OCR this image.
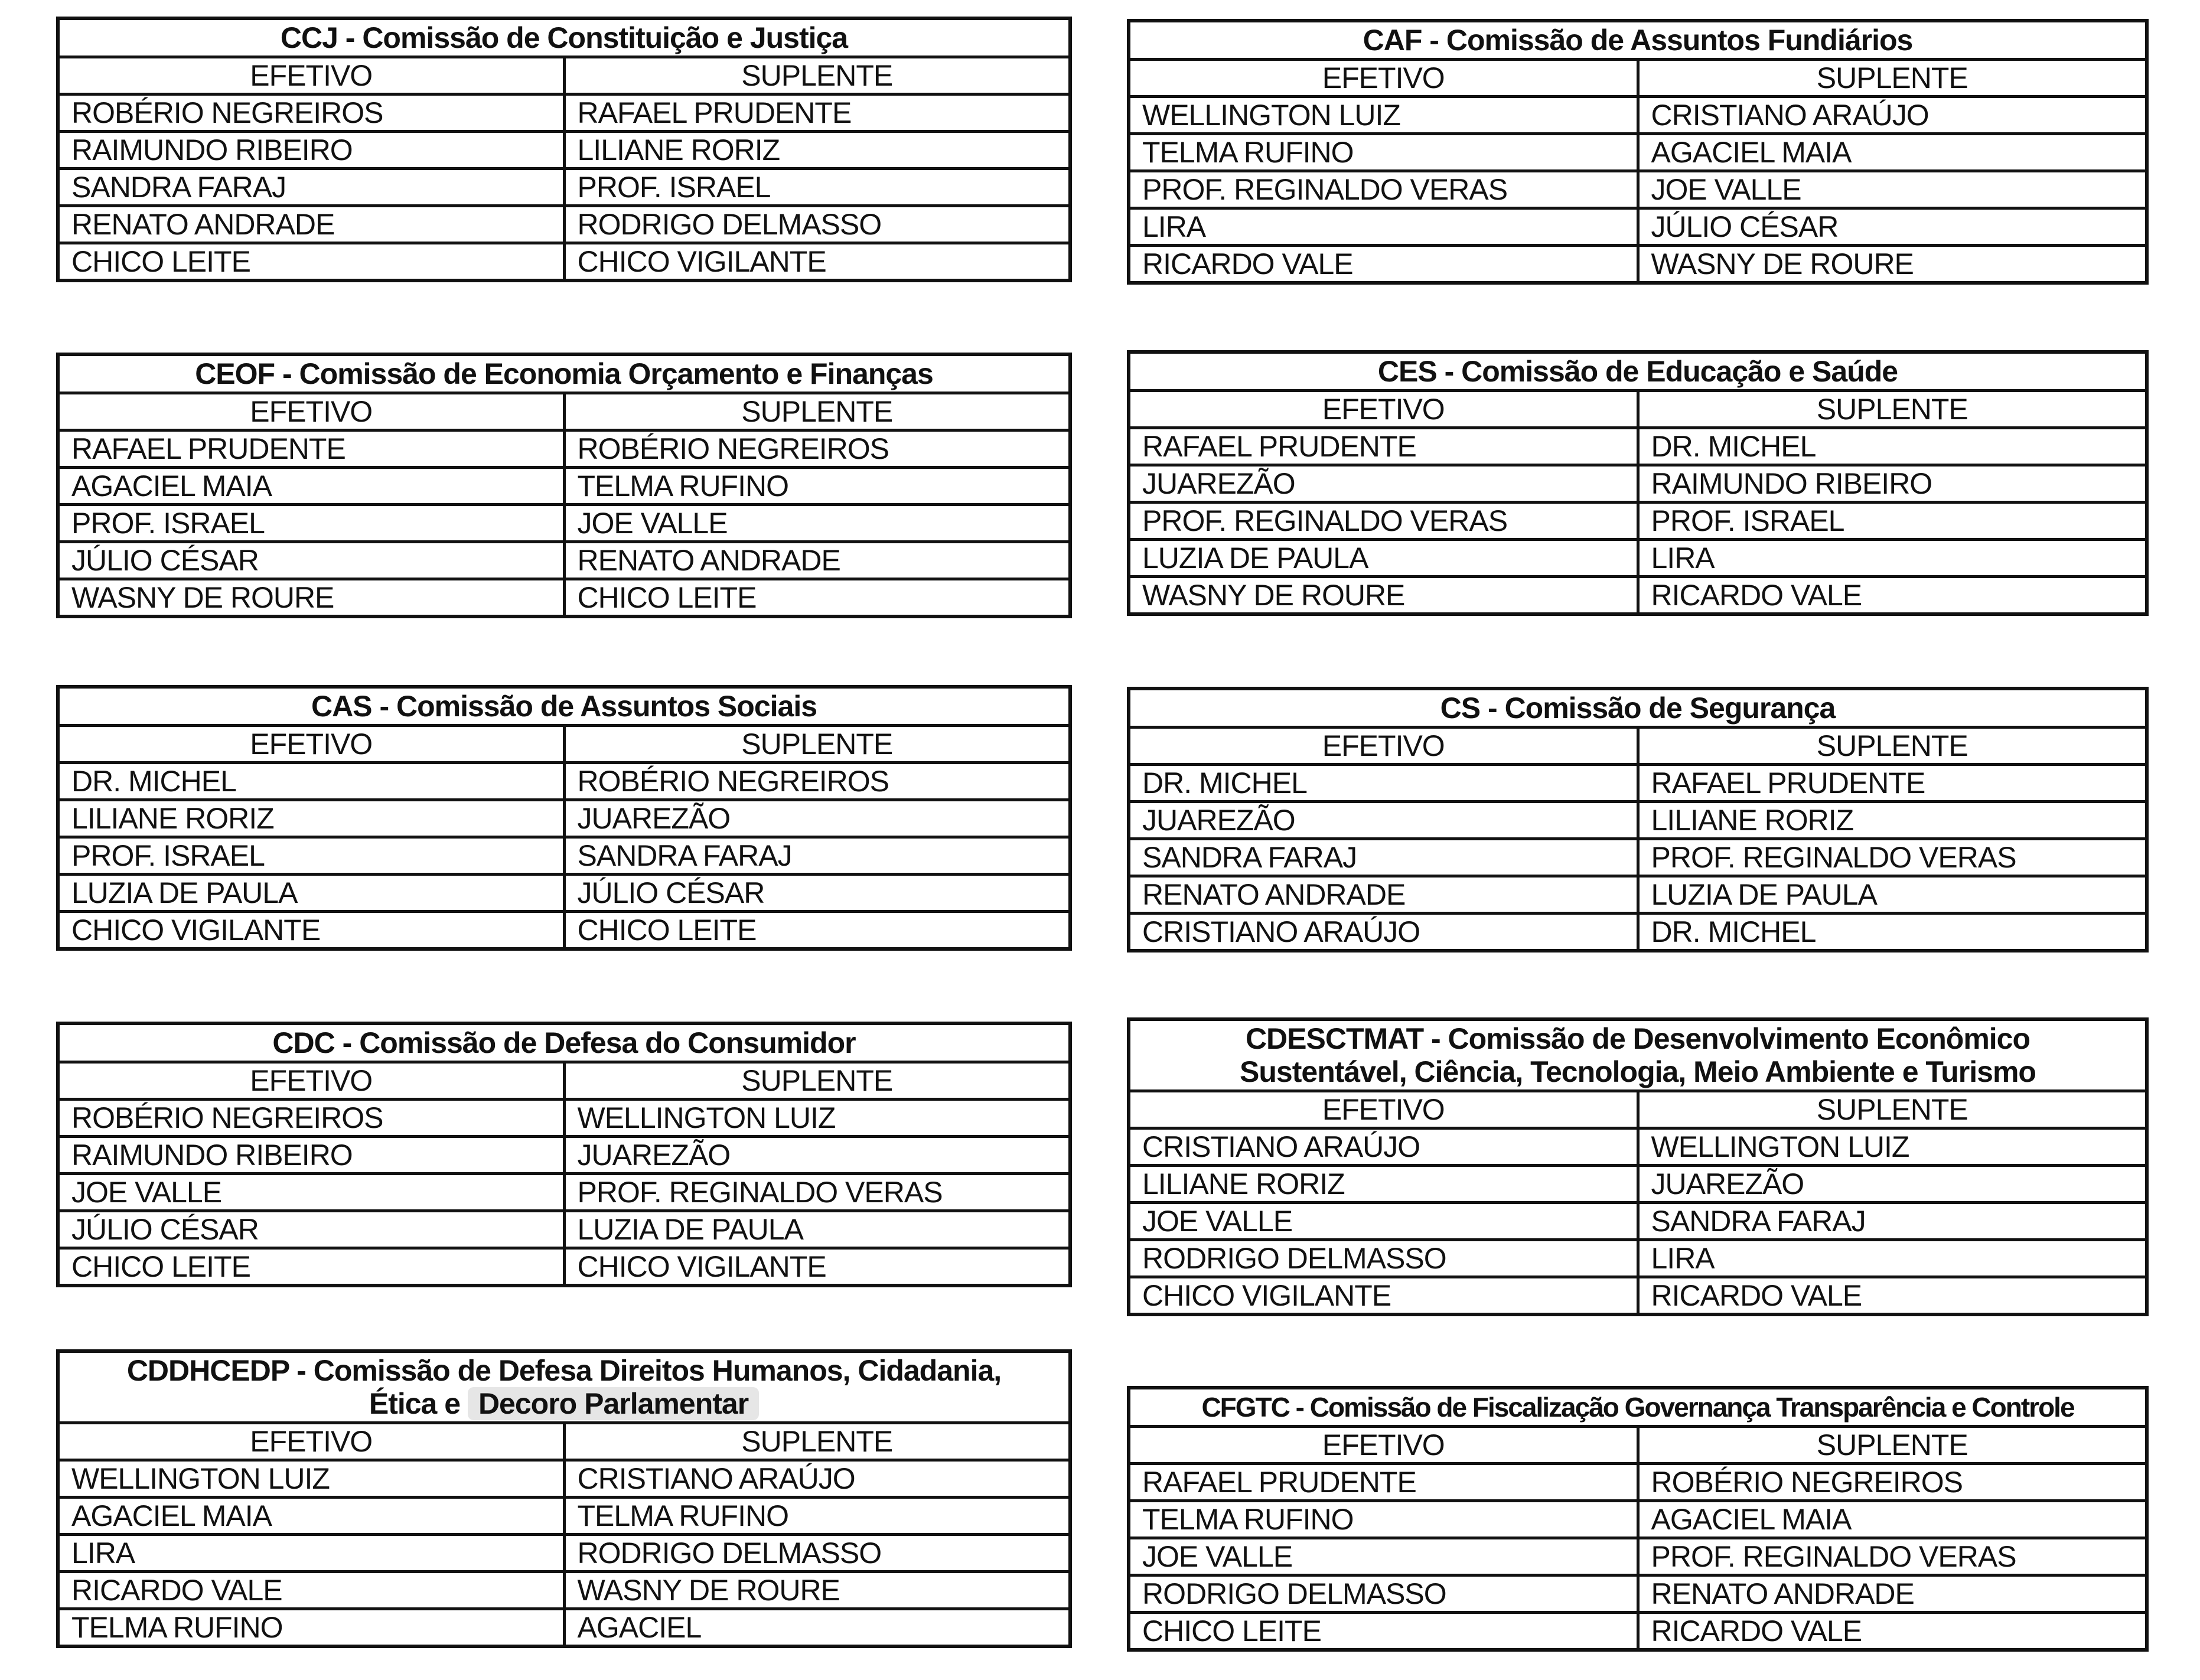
CCJ - Comissão de Constituição e Justiça	
EFETIVO	SUPLENTE
ROBÉRIO NEGREIROS	RAFAEL PRUDENTE
RAIMUNDO RIBEIRO	LILIANE RORIZ
SANDRA FARAJ	PROF. ISRAEL
RENATO ANDRADE	RODRIGO DELMASSO
CHICO LEITE	CHICO VIGILANTE
CAF - Comissão de Assuntos Fundiários	
EFETIVO	SUPLENTE
WELLINGTON LUIZ	CRISTIANO ARAÚJO
TELMA RUFINO	AGACIEL MAIA
PROF. REGINALDO VERAS	JOE VALLE
LIRA	JÚLIO CÉSAR
RICARDO VALE	WASNY DE ROURE
CEOF - Comissão de Economia Orçamento e Finanças	
EFETIVO	SUPLENTE
RAFAEL PRUDENTE	ROBÉRIO NEGREIROS
AGACIEL MAIA	TELMA RUFINO
PROF. ISRAEL	JOE VALLE
JÚLIO CÉSAR	RENATO ANDRADE
WASNY DE ROURE	CHICO LEITE
CES - Comissão de Educação e Saúde	
EFETIVO	SUPLENTE
RAFAEL PRUDENTE	DR. MICHEL
JUAREZÃO	RAIMUNDO RIBEIRO
PROF. REGINALDO VERAS	PROF. ISRAEL
LUZIA DE PAULA	LIRA
WASNY DE ROURE	RICARDO VALE
CAS - Comissão de Assuntos Sociais	
EFETIVO	SUPLENTE
DR. MICHEL	ROBÉRIO NEGREIROS
LILIANE RORIZ	JUAREZÃO
PROF. ISRAEL	SANDRA FARAJ
LUZIA DE PAULA	JÚLIO CÉSAR
CHICO VIGILANTE	CHICO LEITE
CS - Comissão de Segurança	
EFETIVO	SUPLENTE
DR. MICHEL	RAFAEL PRUDENTE
JUAREZÃO	LILIANE RORIZ
SANDRA FARAJ	PROF. REGINALDO VERAS
RENATO ANDRADE	LUZIA DE PAULA
CRISTIANO ARAÚJO	DR. MICHEL
CDC - Comissão de Defesa do Consumidor	
EFETIVO	SUPLENTE
ROBÉRIO NEGREIROS	WELLINGTON LUIZ
RAIMUNDO RIBEIRO	JUAREZÃO
JOE VALLE	PROF. REGINALDO VERAS
JÚLIO CÉSAR	LUZIA DE PAULA
CHICO LEITE	CHICO VIGILANTE
CDESCTMAT - Comissão de Desenvolvimento Econômico
Sustentável, Ciência, Tecnologia, Meio Ambiente e Turismo	
EFETIVO	SUPLENTE
CRISTIANO ARAÚJO	WELLINGTON LUIZ
LILIANE RORIZ	JUAREZÃO
JOE VALLE	SANDRA FARAJ
RODRIGO DELMASSO	LIRA
CHICO VIGILANTE	RICARDO VALE
CDDHCEDP - Comissão de Defesa Direitos Humanos, Cidadania,
Ética e Decoro Parlamentar	
EFETIVO	SUPLENTE
WELLINGTON LUIZ	CRISTIANO ARAÚJO
AGACIEL MAIA	TELMA RUFINO
LIRA	RODRIGO DELMASSO
RICARDO VALE	WASNY DE ROURE
TELMA RUFINO	AGACIEL
CFGTC - Comissão de Fiscalização Governança Transparência e Controle	
EFETIVO	SUPLENTE
RAFAEL PRUDENTE	ROBÉRIO NEGREIROS
TELMA RUFINO	AGACIEL MAIA
JOE VALLE	PROF. REGINALDO VERAS
RODRIGO DELMASSO	RENATO ANDRADE
CHICO LEITE	RICARDO VALE
